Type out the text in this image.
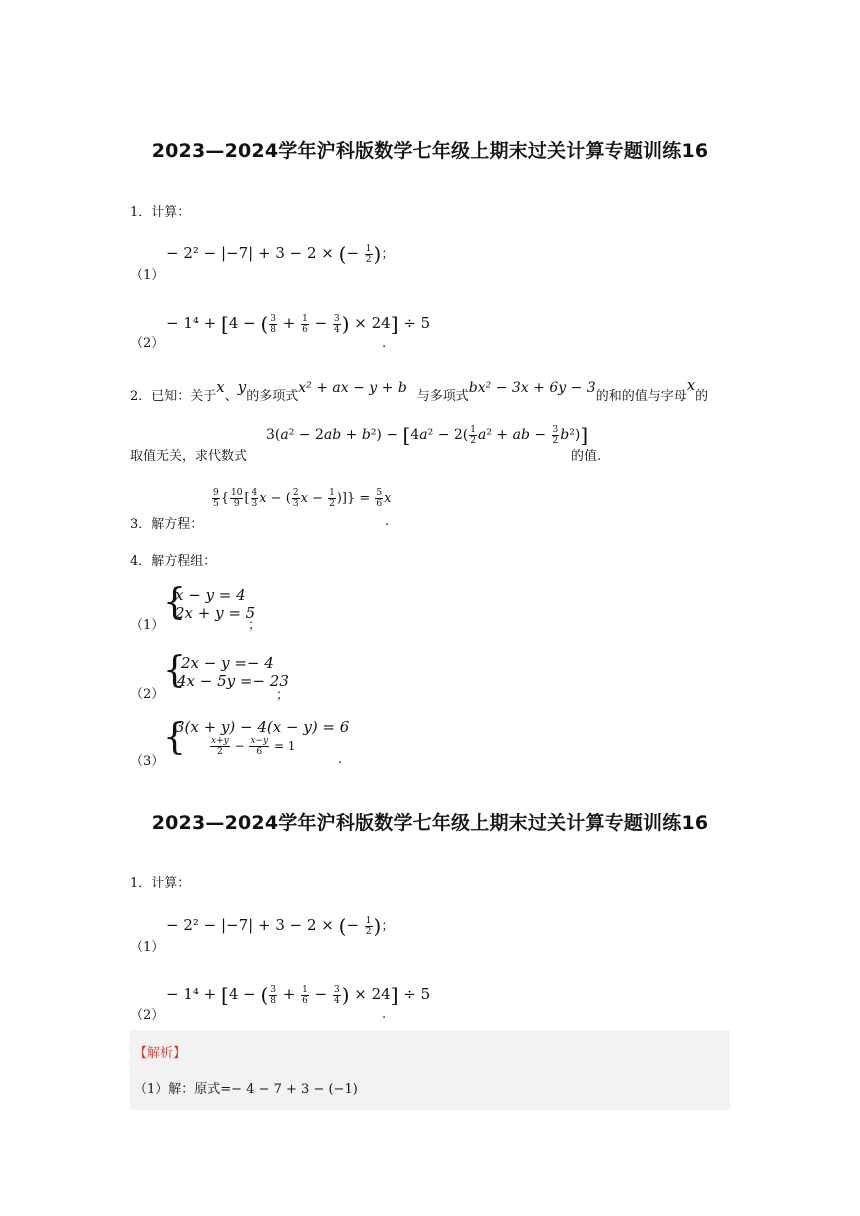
2023—2024学年沪科版数学七年级上期末过关计算专题训练16
1．计算：
（1）
− 2² − |−7| + 3 − 2 × (− $\frac{1}{2}$ )；
（2）
− 1⁴ + [4 − ( $\frac{3}{8} + \frac{1}{6} - \frac{3}{4}$ ) × 24] ÷ 5
.
2．已知：关于x、y的多项式x² + ax − y + b与多项式bx² − 3x + 6y − 3的和的值与字母x的
取值无关，求代数式
$3(a^2 - 2ab + b^2) - [4a^2 - 2( \frac{1}{2} a^2$ + ab − $\frac{3}{2} b^2$)]
的值.
3．解方程：
$\frac{9}{5}$ { $\frac{10}{9}$ [ $\frac{4}{3}$ x − ( $\frac{2}{3}$ $x - \frac{1}{2}$ )]} = $\frac{5}{6}$ x
.
4．解方程组：
（1）
{
x − y = 4
2x + y = 5
；
（2）
{
2x − y =− 4
4x − 5y =− 23
；
（3）
{
3(x + y) − 4(x − y) = 6
$\frac{x+y}{2} - \frac{x-y}{6} = 1$
.
2023—2024学年沪科版数学七年级上期末过关计算专题训练16
1．计算：
（1）
− 2² − |−7| + 3 − 2 × (− $\frac{1}{2}$ )；
（2）
− 1⁴ + [4 − ( $\frac{3}{8} + \frac{1}{6} - \frac{3}{4}$ ) × 24] ÷ 5
.
【解析】
（1）解：原式=− 4 − 7 + 3 − (−1)
